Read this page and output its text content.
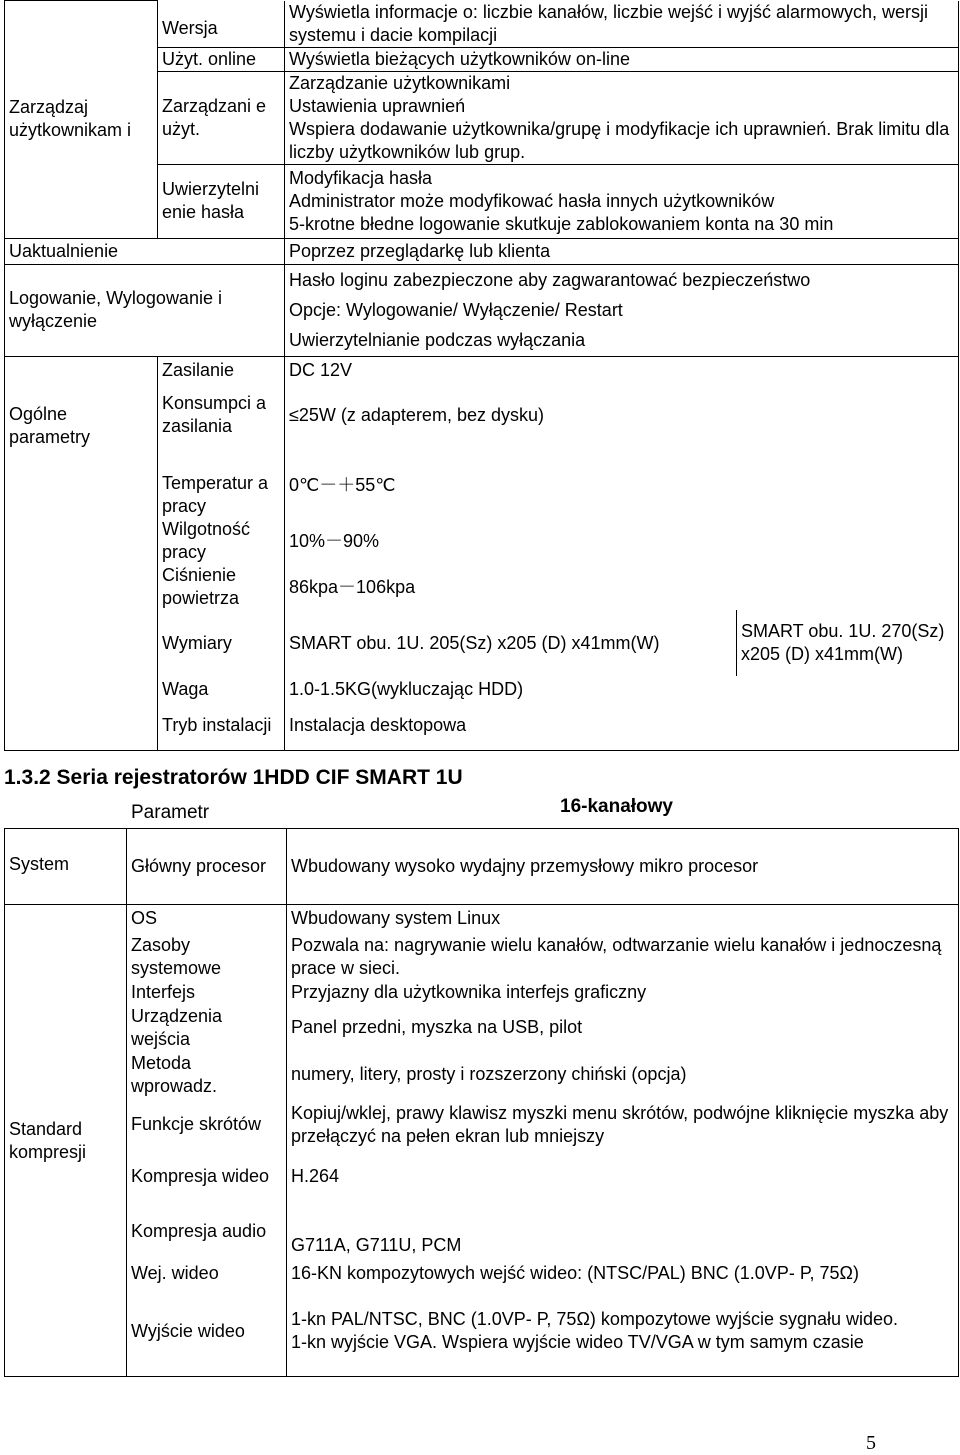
Zarządzaj użytkownikam i	Wersja	Wyświetla informacje o: liczbie kanałów, liczbie wejść i wyjść alarmowych, wersji systemu i dacie kompilacji	
	Użyt. online	Wyświetla bieżących użytkowników on-line	
	Zarządzani e użyt.	Zarządzanie użytkownikami
Ustawienia uprawnień
Wspiera dodawanie użytkownika/grupę i modyfikacje ich uprawnień. Brak limitu dla liczby użytkowników lub grup.	

	Uwierzytelni enie hasła	Modyfikacja hasła
Administrator może modyfikować hasła innych użytkowników
5-krotne błedne logowanie skutkuje zablokowaniem konta na 30 min	

Uaktualnienie		Poprzez przeglądarkę lub klienta	
Logowanie, Wylogowanie i wyłączenie		Hasło loginu zabezpieczone aby zagwarantować bezpieczeństwo
Opcje: Wylogowanie/ Wyłączenie/ Restart
Uwierzytelnianie podczas wyłączania	

Ogólne parametry	Zasilanie	DC 12V	
	Konsumpci a zasilania	≤25W (z adapterem, bez dysku)	
	Temperatur a pracy	0℃－＋55℃	
	Wilgotność pracy	10%－90%	
	Ciśnienie powietrza	86kpa－106kpa	
	Wymiary	SMART obu. 1U. 205(Sz) x205 (D) x41mm(W)	SMART obu. 1U. 270(Sz) x205 (D) x41mm(W)
	Waga	1.0-1.5KG(wykluczając HDD)	
	Tryb instalacji	Instalacja desktopowa	
1.3.2 Seria rejestratorów 1HDD CIF SMART 1U
Parametr	16-kanałowy
System	Główny procesor	Wbudowany wysoko wydajny przemysłowy mikro procesor
Standard kompresji	OS	Wbudowany system Linux
	Zasoby systemowe	Pozwala na: nagrywanie wielu kanałów, odtwarzanie wielu kanałów i jednoczesną prace w sieci.
	Interfejs	Przyjazny dla użytkownika interfejs graficzny
	Urządzenia wejścia	Panel przedni, myszka na USB, pilot
	Metoda wprowadz.	numery, litery, prosty i rozszerzony chiński (opcja)
	Funkcje skrótów	Kopiuj/wklej, prawy klawisz myszki menu skrótów, podwójne kliknięcie myszka aby przełączyć na pełen ekran lub mniejszy
	Kompresja wideo	H.264
	Kompresja audio	G711A, G711U, PCM
	Wej. wideo	16-KN kompozytowych wejść wideo: (NTSC/PAL) BNC (1.0VP- P, 75Ω)
	Wyjście wideo	1-kn PAL/NTSC, BNC (1.0VP- P, 75Ω) kompozytowe wyjście sygnału wideo.
1-kn wyjście VGA. Wspiera wyjście wideo TV/VGA w tym samym czasie
5
